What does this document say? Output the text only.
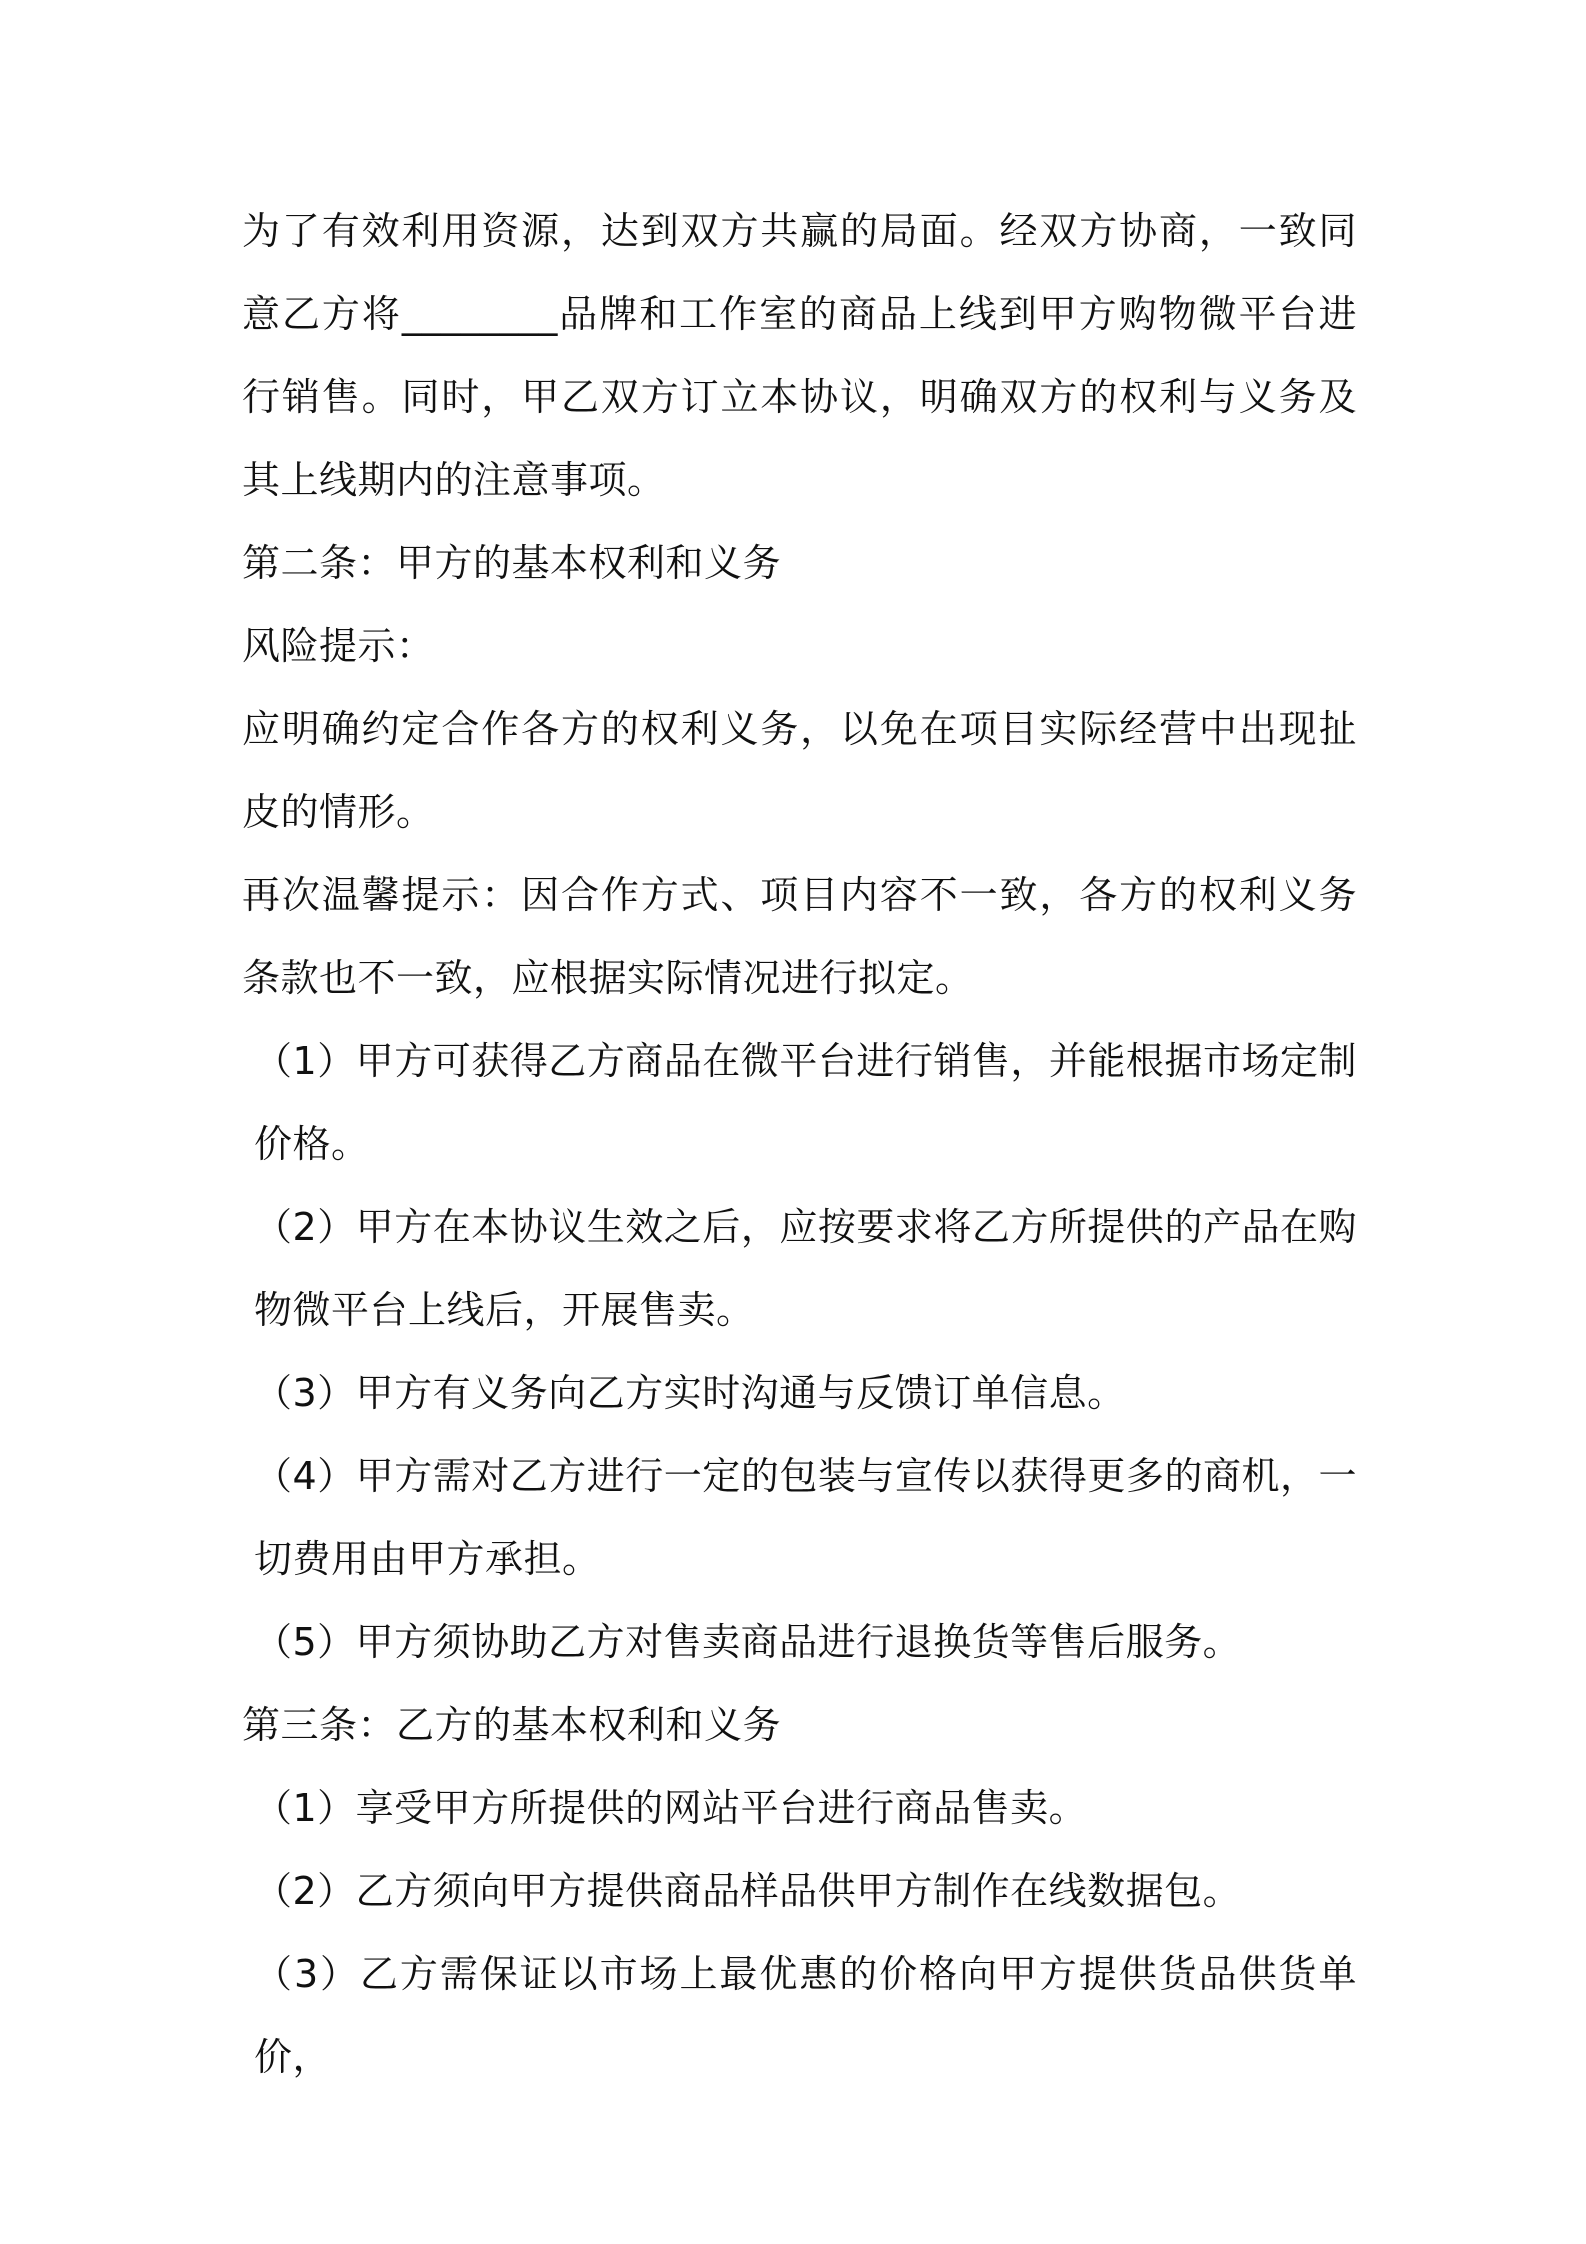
为了有效利用资源，达到双方共赢的局面。经双方协商，一致同意乙方将________品牌和工作室的商品上线到甲方购物微平台进行销售。同时，甲乙双方订立本协议，明确双方的权利与义务及其上线期内的注意事项。

第二条：甲方的基本权利和义务

风险提示：

应明确约定合作各方的权利义务，以免在项目实际经营中出现扯皮的情形。

再次温馨提示：因合作方式、项目内容不一致，各方的权利义务条款也不一致，应根据实际情况进行拟定。

（1）甲方可获得乙方商品在微平台进行销售，并能根据市场定制价格。

（2）甲方在本协议生效之后，应按要求将乙方所提供的产品在购物微平台上线后，开展售卖。

（3）甲方有义务向乙方实时沟通与反馈订单信息。

（4）甲方需对乙方进行一定的包装与宣传以获得更多的商机，一切费用由甲方承担。

（5）甲方须协助乙方对售卖商品进行退换货等售后服务。

第三条：乙方的基本权利和义务

（1）享受甲方所提供的网站平台进行商品售卖。

（2）乙方须向甲方提供商品样品供甲方制作在线数据包。

（3）乙方需保证以市场上最优惠的价格向甲方提供货品供货单价，
